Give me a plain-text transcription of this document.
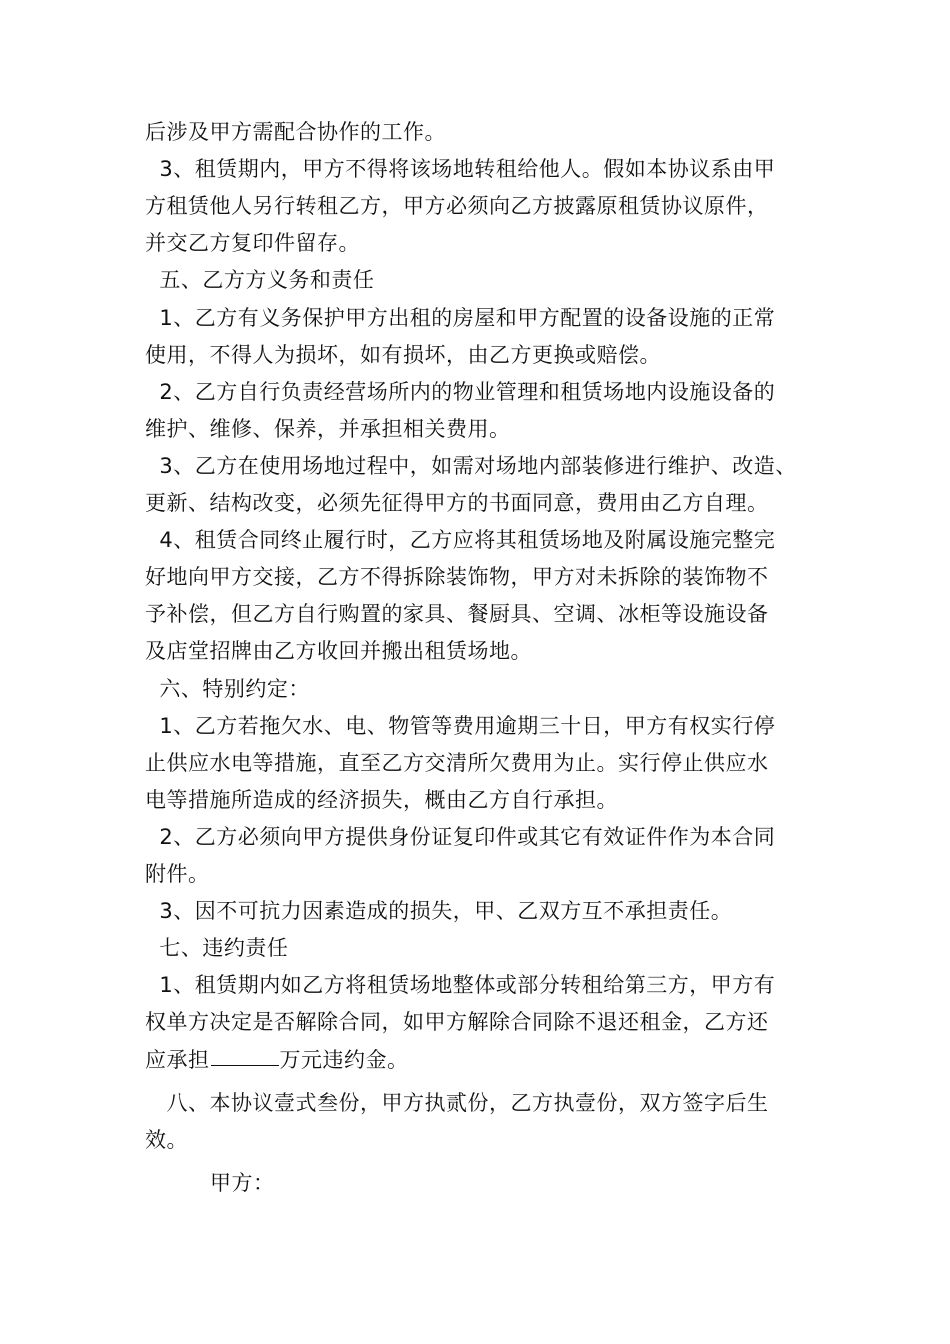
后涉及甲方需配合协作的工作。
3、租赁期内，甲方不得将该场地转租给他人。假如本协议系由甲
方租赁他人另行转租乙方，甲方必须向乙方披露原租赁协议原件，
并交乙方复印件留存。
五、乙方方义务和责任
1、乙方有义务保护甲方出租的房屋和甲方配置的设备设施的正常
使用，不得人为损坏，如有损坏，由乙方更换或赔偿。
2、乙方自行负责经营场所内的物业管理和租赁场地内设施设备的
维护、维修、保养，并承担相关费用。
3、乙方在使用场地过程中，如需对场地内部装修进行维护、改造、
更新、结构改变，必须先征得甲方的书面同意，费用由乙方自理。
4、租赁合同终止履行时，乙方应将其租赁场地及附属设施完整完
好地向甲方交接，乙方不得拆除装饰物，甲方对未拆除的装饰物不
予补偿，但乙方自行购置的家具、餐厨具、空调、冰柜等设施设备
及店堂招牌由乙方收回并搬出租赁场地。
六、特别约定：
1、乙方若拖欠水、电、物管等费用逾期三十日，甲方有权实行停
止供应水电等措施，直至乙方交清所欠费用为止。实行停止供应水
电等措施所造成的经济损失，概由乙方自行承担。
2、乙方必须向甲方提供身份证复印件或其它有效证件作为本合同
附件。
3、因不可抗力因素造成的损失，甲、乙双方互不承担责任。
七、违约责任
1、租赁期内如乙方将租赁场地整体或部分转租给第三方，甲方有
权单方决定是否解除合同，如甲方解除合同除不退还租金，乙方还
应承担	万元违约金。
八、本协议壹式叁份，甲方执贰份，乙方执壹份，双方签字后生
效。
甲方：
